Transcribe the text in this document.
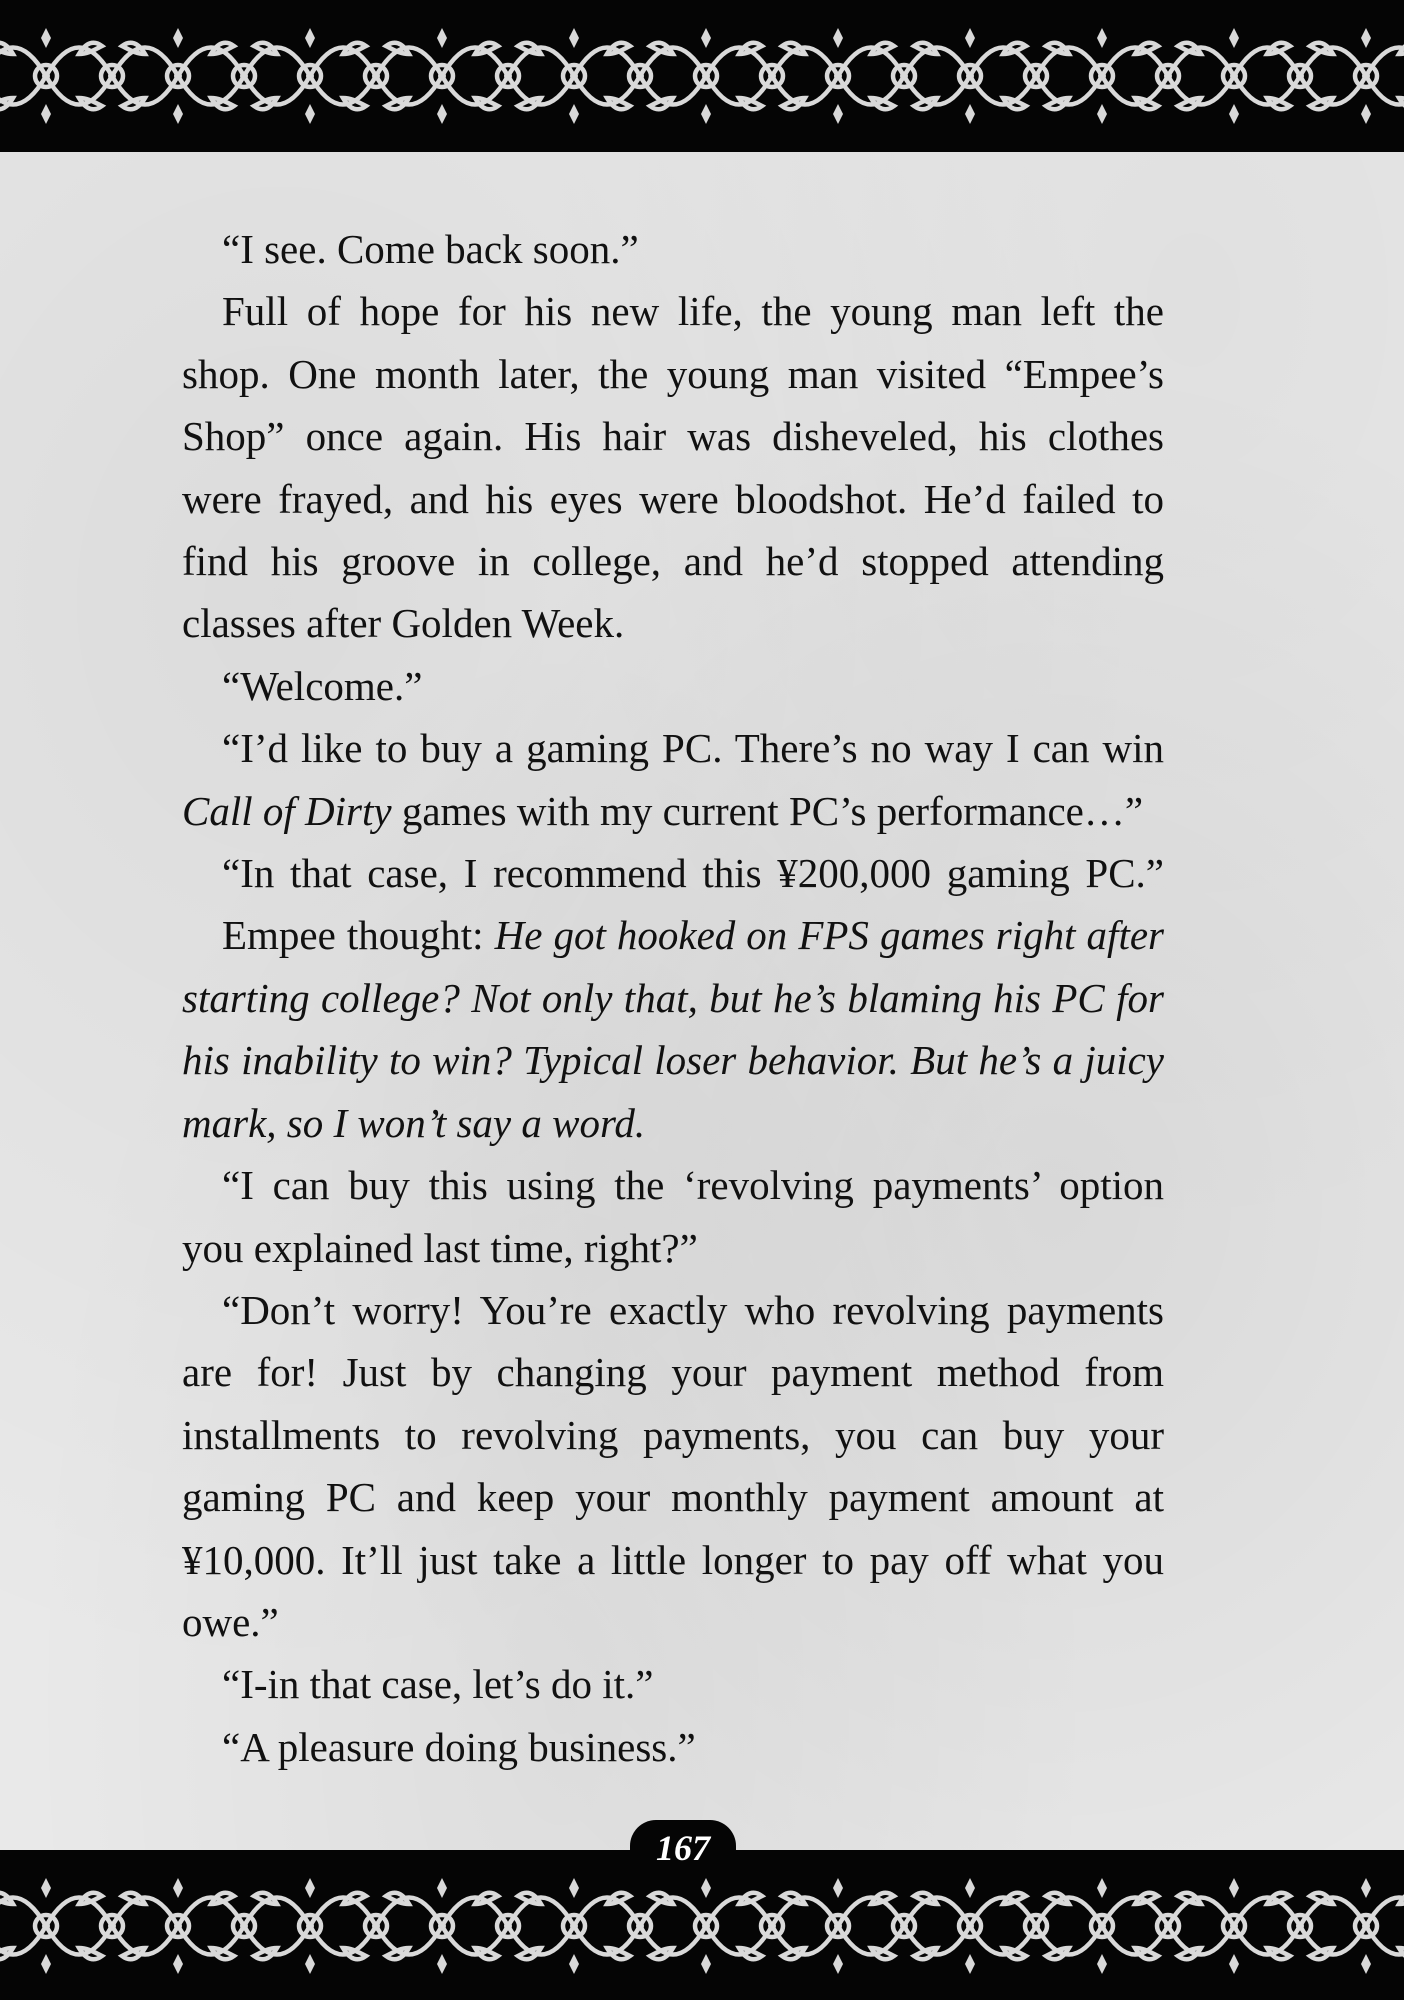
“I see. Come back soon.”

Full of hope for his new life, the young man left the shop. One month later, the young man visited “Empee’s Shop” once again. His hair was disheveled, his clothes were frayed, and his eyes were bloodshot. He’d failed to find his groove in college, and he’d stopped attending classes after Golden Week.

“Welcome.”

“I’d like to buy a gaming PC. There’s no way I can win Call of Dirty games with my current PC’s performance…”

“In that case, I recommend this ¥200,000 gaming PC.”

Empee thought: He got hooked on FPS games right after starting college? Not only that, but he’s blaming his PC for his inability to win? Typical loser behavior. But he’s a juicy mark, so I won’t say a word.

“I can buy this using the ‘revolving payments’ option you explained last time, right?”

“Don’t worry! You’re exactly who revolving payments are for! Just by changing your payment method from installments to revolving payments, you can buy your gaming PC and keep your monthly payment amount at ¥10,000. It’ll just take a little longer to pay off what you owe.”

“I-in that case, let’s do it.”

“A pleasure doing business.”

167
